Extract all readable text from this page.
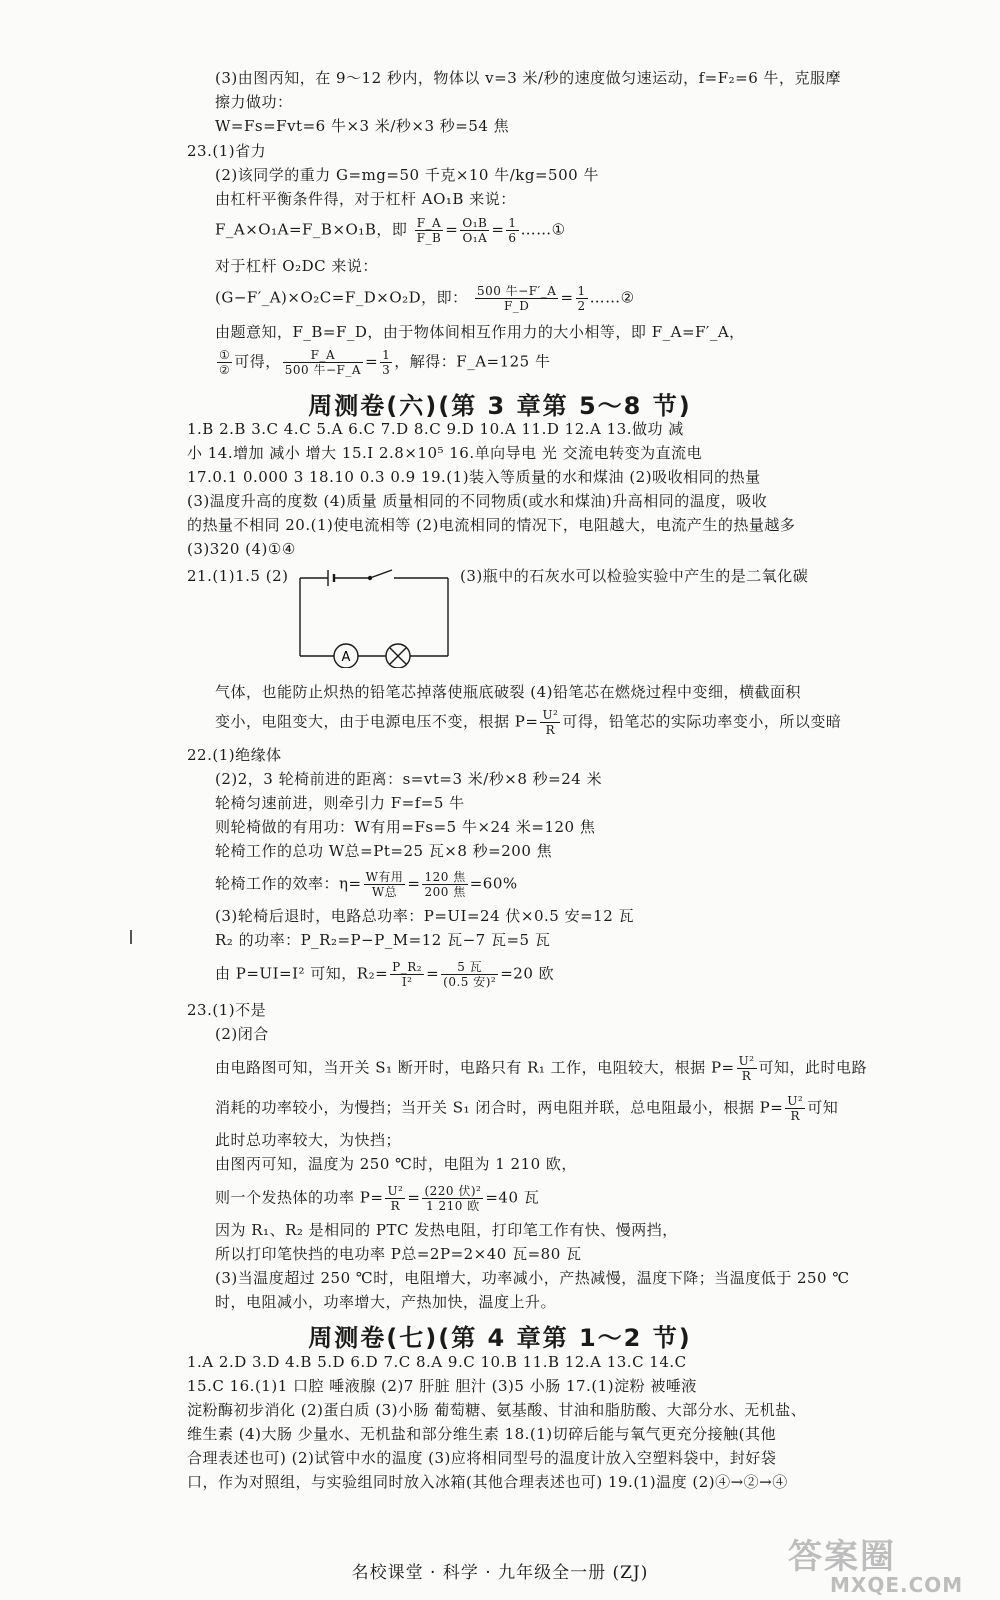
(3)由图丙知，在 9～12 秒内，物体以 v=3 米/秒的速度做匀速运动，f=F₂=6 牛，克服摩
擦力做功：
W=Fs=Fvt=6 牛×3 米/秒×3 秒=54 焦
23.(1)省力
(2)该同学的重力 G=mg=50 千克×10 牛/kg=500 牛
由杠杆平衡条件得，对于杠杆 AO₁B 来说：
F_A×O₁A=F_B×O₁B，即 $\frac{F\_A}{F\_B} = \frac{\text{O₁B}}{\text{O₁A}} = \frac{1}{6}$ ……①
对于杠杆 O₂DC 来说：
(G−F′_A)×O₂C=F_D×O₂D，即： 500 牛−F′_A
F_D	= $\frac{1}{2}$ ……②
由题意知，F_B=F_D，由于物体间相互作用力的大小相等，即 F_A=F′_A，
①
② 可得，	F_A
500 牛−F_A = $\frac{1}{3}$ ，解得：F_A=125 牛
周测卷(六)(第 3 章第 5～8 节)
1.B 2.B 3.C 4.C 5.A 6.C 7.D 8.C 9.D 10.A 11.D 12.A 13.做功 减
小 14.增加 减小 增大 15.Ⅰ 2.8×10⁵ 16.单向导电 光 交流电转变为直流电
17.0.1 0.000 3 18.10 0.3 0.9 19.(1)装入等质量的水和煤油 (2)吸收相同的热量
(3)温度升高的度数 (4)质量 质量相同的不同物质(或水和煤油)升高相同的温度，吸收
的热量不相同 20.(1)使电流相等 (2)电流相同的情况下，电阻越大，电流产生的热量越多
(3)320 (4)①④
21.(1)1.5 (2)	(3)瓶中的石灰水可以检验实验中产生的是二氧化碳
A
气体，也能防止炽热的铅笔芯掉落使瓶底破裂 (4)铅笔芯在燃烧过程中变细，横截面积
变小，电阻变大，由于电源电压不变，根据 $P= \frac{\text{U²}}{R}$ 可得，铅笔芯的实际功率变小，所以变暗
22.(1)绝缘体
(2)2，3 轮椅前进的距离：s=vt=3 米/秒×8 秒=24 米
轮椅匀速前进，则牵引力 F=f=5 牛
则轮椅做的有用功：W有用=Fs=5 牛×24 米=120 焦
轮椅工作的总功 W总=Pt=25 瓦×8 秒=200 焦
轮椅工作的效率：η= W有用
W总 = 120 焦
200 焦 =60%
(3)轮椅后退时，电路总功率：P=UI=24 伏×0.5 安=12 瓦
R₂ 的功率：P_R₂=P−P_M=12 瓦−7 瓦=5 瓦
由 P=UI=I² 可知，$R_2= \frac{\text{P\_R₂}}{\text{I²}}$ =	5 瓦
(0.5 安)² =20 欧
23.(1)不是
(2)闭合
由电路图可知，当开关 S₁ 断开时，电路只有 R₁ 工作，电阻较大，根据 $P= \frac{\text{U²}}{R}$ 可知，此时电路
消耗的功率较小，为慢挡；当开关 S₁ 闭合时，两电阻并联，总电阻最小，根据 $P= \frac{\text{U²}}{R}$ 可知
此时总功率较大，为快挡；
由图丙可知，温度为 250 ℃时，电阻为 1 210 欧，
则一个发热体的功率 $P= \frac{\text{U²}}{R} = (220$ 伏)²
1 210 欧 =40 瓦
因为 R₁、R₂ 是相同的 PTC 发热电阻，打印笔工作有快、慢两挡，
所以打印笔快挡的电功率 P总=2P=2×40 瓦=80 瓦
(3)当温度超过 250 ℃时，电阻增大，功率减小，产热减慢，温度下降；当温度低于 250 ℃
时，电阻减小，功率增大，产热加快，温度上升。
周测卷(七)(第 4 章第 1～2 节)
1.A 2.D 3.D 4.B 5.D 6.D 7.C 8.A 9.C 10.B 11.B 12.A 13.C 14.C
15.C 16.(1)1 口腔 唾液腺 (2)7 肝脏 胆汁 (3)5 小肠 17.(1)淀粉 被唾液
淀粉酶初步消化 (2)蛋白质 (3)小肠 葡萄糖、氨基酸、甘油和脂肪酸、大部分水、无机盐、
维生素 (4)大肠 少量水、无机盐和部分维生素 18.(1)切碎后能与氧气更充分接触(其他
合理表述也可) (2)试管中水的温度 (3)应将相同型号的温度计放入空塑料袋中，封好袋
口，作为对照组，与实验组同时放入冰箱(其他合理表述也可) 19.(1)温度 (2)④→②→④
名校课堂 · 科学 · 九年级全一册 (ZJ)	答案圈
MXQE.COM
